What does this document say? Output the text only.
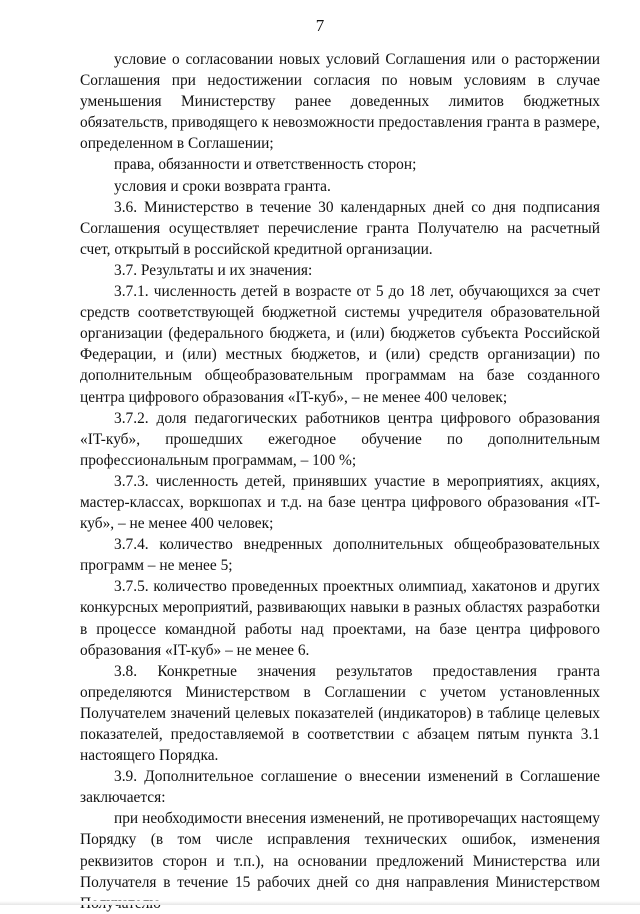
7

условие о согласовании новых условий Соглашения или о расторжении Соглашения при недостижении согласия по новым условиям в случае уменьшения Министерству ранее доведенных лимитов бюджетных обязательств, приводящего к невозможности предоставления гранта в размере, определенном в Соглашении;

права, обязанности и ответственность сторон;

условия и сроки возврата гранта.

3.6. Министерство в течение 30 календарных дней со дня подписания Соглашения осуществляет перечисление гранта Получателю на расчетный счет, открытый в российской кредитной организации.

3.7. Результаты и их значения:

3.7.1. численность детей в возрасте от 5 до 18 лет, обучающихся за счет средств соответствующей бюджетной системы учредителя образовательной организации (федерального бюджета, и (или) бюджетов субъекта Российской Федерации, и (или) местных бюджетов, и (или) средств организации) по дополнительным общеобразовательным программам на базе созданного центра цифрового образования «IT-куб», – не менее 400 человек;

3.7.2. доля педагогических работников центра цифрового образования «IT-куб», прошедших ежегодное обучение по дополнительным профессиональным программам, – 100 %;

3.7.3. численность детей, принявших участие в мероприятиях, акциях, мастер-классах, воркшопах и т.д. на базе центра цифрового образования «IT-куб», – не менее 400 человек;

3.7.4. количество внедренных дополнительных общеобразовательных программ – не менее 5;

3.7.5. количество проведенных проектных олимпиад, хакатонов и других конкурсных мероприятий, развивающих навыки в разных областях разработки в процессе командной работы над проектами, на базе центра цифрового образования «IT-куб» – не менее 6.

3.8. Конкретные значения результатов предоставления гранта определяются Министерством в Соглашении с учетом установленных Получателем значений целевых показателей (индикаторов) в таблице целевых показателей, предоставляемой в соответствии с абзацем пятым пункта 3.1 настоящего Порядка.

3.9. Дополнительное соглашение о внесении изменений в Соглашение заключается:

при необходимости внесения изменений, не противоречащих настоящему Порядку (в том числе исправления технических ошибок, изменения реквизитов сторон и т.п.), на основании предложений Министерства или Получателя в течение 15 рабочих дней со дня направления Министерством
